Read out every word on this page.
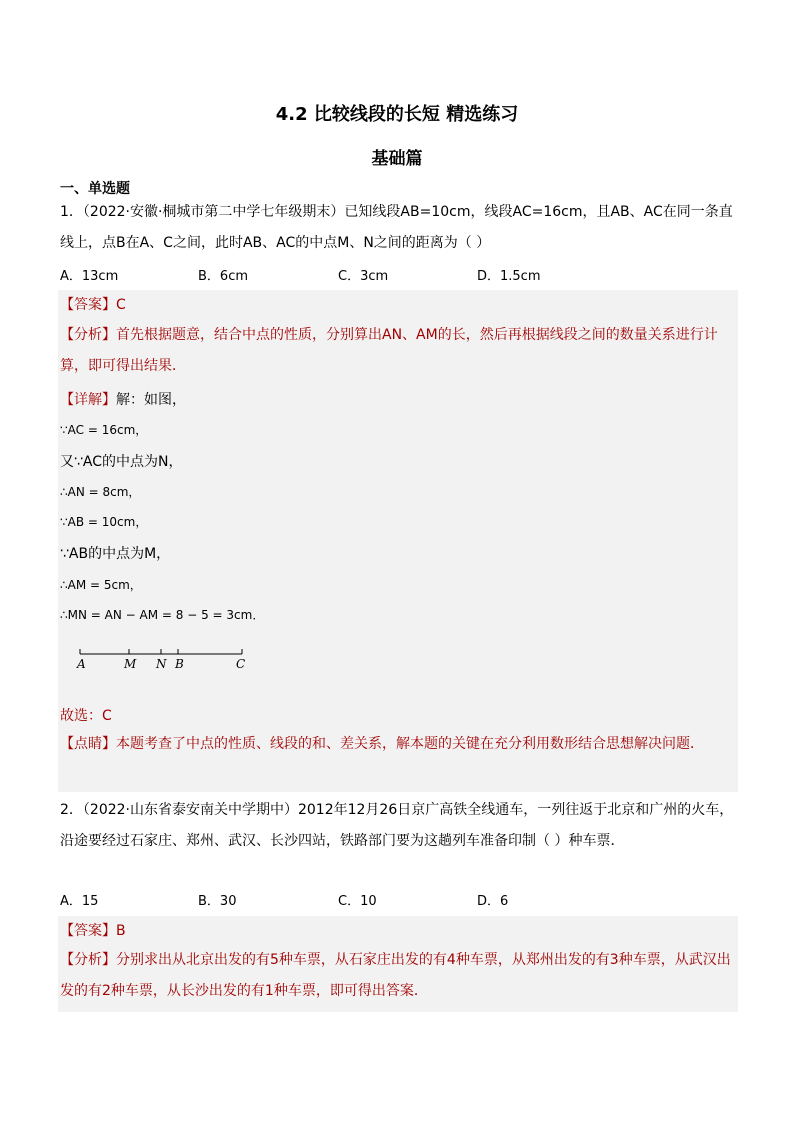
4.2 比较线段的长短 精选练习
基础篇
一、单选题
1．（2022·安徽·桐城市第二中学七年级期末）已知线段AB=10cm，线段AC=16cm，且AB、AC在同一条直线上，点B在A、C之间，此时AB、AC的中点M、N之间的距离为（ ）
A．13cm	B．6cm	C．3cm	D．1.5cm
【答案】C
【分析】首先根据题意，结合中点的性质，分别算出AN、AM的长，然后再根据线段之间的数量关系进行计算，即可得出结果．
【详解】解：如图，
∵AC = 16cm，
又∵AC的中点为N，
∴AN = 8cm，
∵AB = 10cm，
∵AB的中点为M，
∴AM = 5cm，
∴MN = AN − AM = 8 − 5 = 3cm．
A	M N B	C
故选：C
【点睛】本题考查了中点的性质、线段的和、差关系，解本题的关键在充分利用数形结合思想解决问题．
2．（2022·山东省泰安南关中学期中）2012年12月26日京广高铁全线通车，一列往返于北京和广州的火车，沿途要经过石家庄、郑州、武汉、长沙四站，铁路部门要为这趟列车准备印制（ ）种车票．
A．15	B．30	C．10	D．6
【答案】B
【分析】分别求出从北京出发的有5种车票，从石家庄出发的有4种车票，从郑州出发的有3种车票，从武汉出发的有2种车票，从长沙出发的有1种车票，即可得出答案．
